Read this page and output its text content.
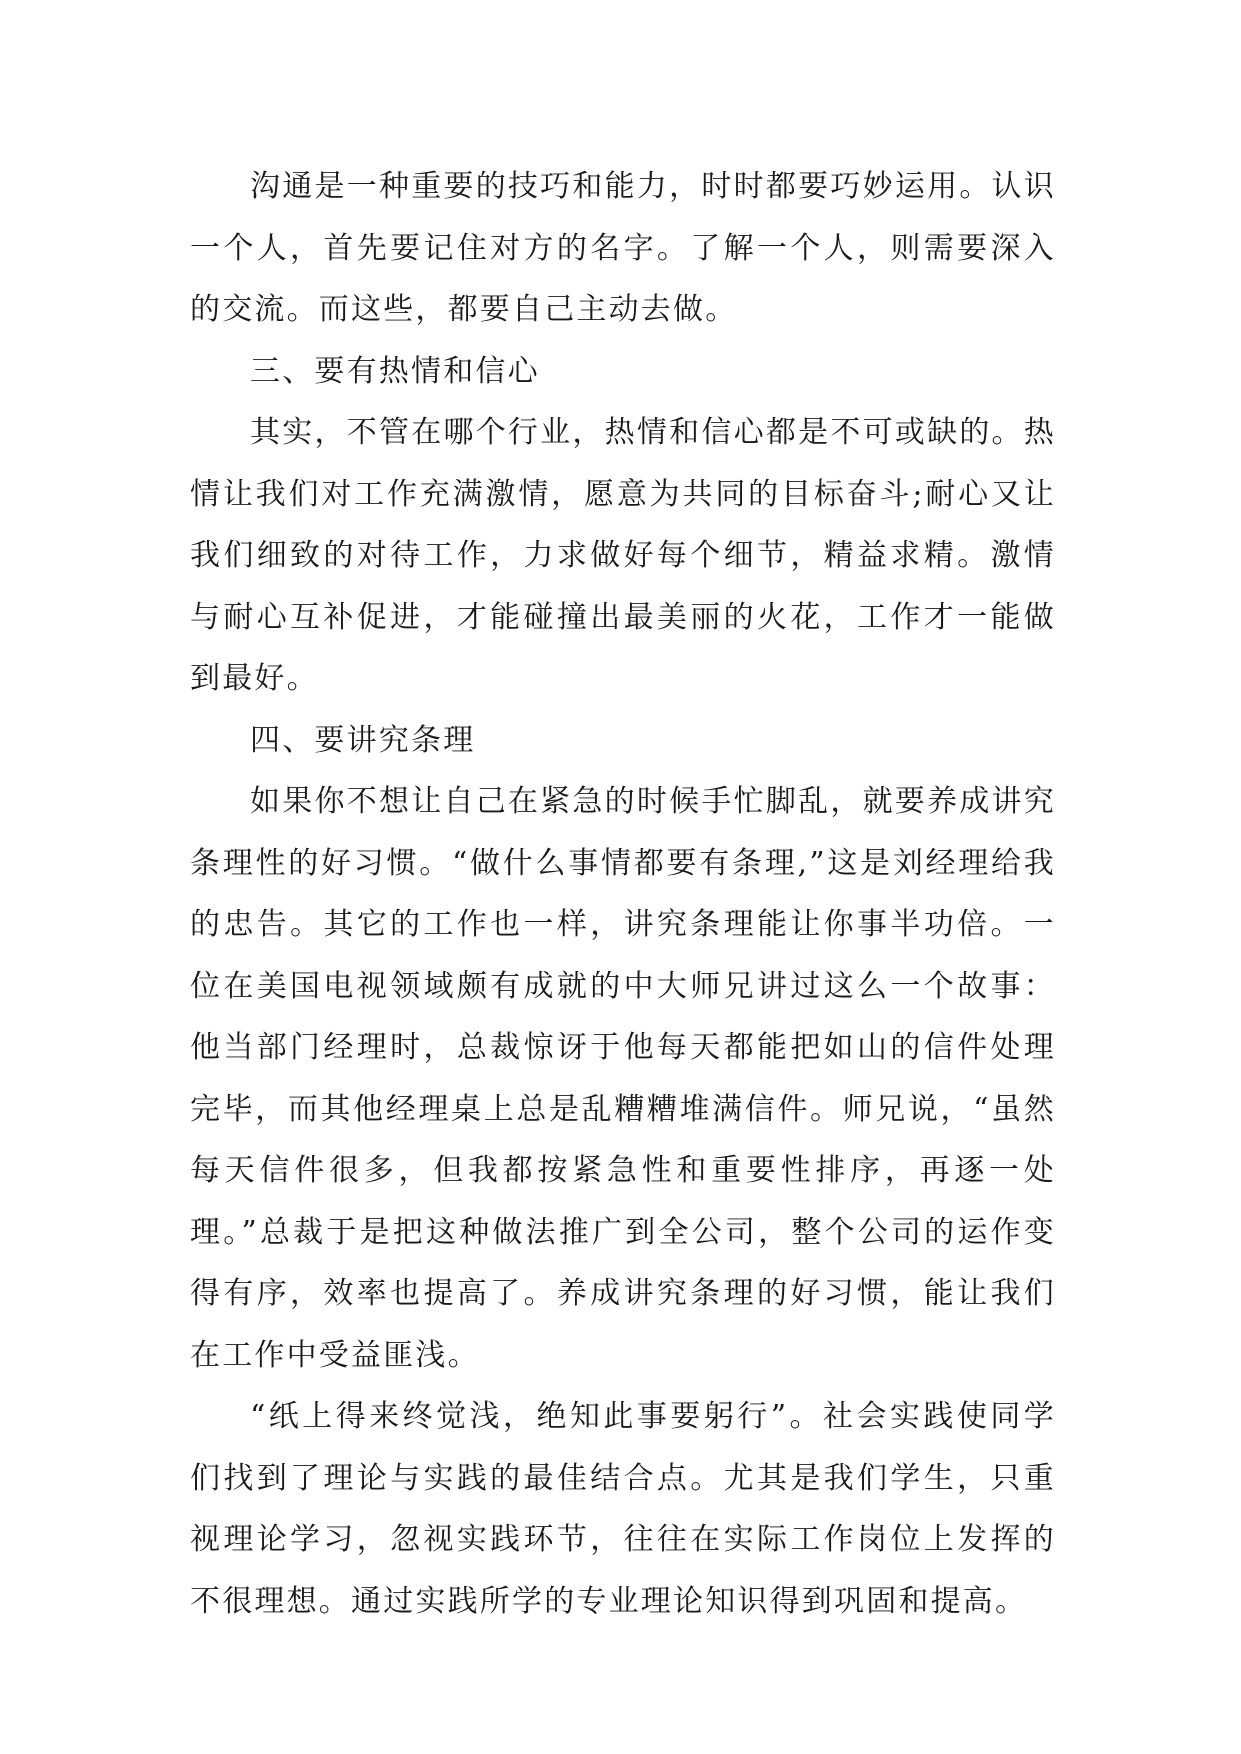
沟通是一种重要的技巧和能力，时时都要巧妙运用。认识一个人，首先要记住对方的名字。了解一个人，则需要深入的交流。而这些，都要自己主动去做。

三、要有热情和信心

其实，不管在哪个行业，热情和信心都是不可或缺的。热情让我们对工作充满激情，愿意为共同的目标奋斗;耐心又让我们细致的对待工作，力求做好每个细节，精益求精。激情与耐心互补促进，才能碰撞出最美丽的火花，工作才一能做到最好。

四、要讲究条理

如果你不想让自己在紧急的时候手忙脚乱，就要养成讲究条理性的好习惯。“做什么事情都要有条理,”这是刘经理给我的忠告。其它的工作也一样，讲究条理能让你事半功倍。一位在美国电视领域颇有成就的中大师兄讲过这么一个故事：他当部门经理时，总裁惊讶于他每天都能把如山的信件处理完毕，而其他经理桌上总是乱糟糟堆满信件。师兄说，“虽然每天信件很多，但我都按紧急性和重要性排序，再逐一处理。”总裁于是把这种做法推广到全公司，整个公司的运作变得有序，效率也提高了。养成讲究条理的好习惯，能让我们在工作中受益匪浅。

“纸上得来终觉浅，绝知此事要躬行”。社会实践使同学们找到了理论与实践的最佳结合点。尤其是我们学生，只重视理论学习，忽视实践环节，往往在实际工作岗位上发挥的不很理想。通过实践所学的专业理论知识得到巩固和提高。
